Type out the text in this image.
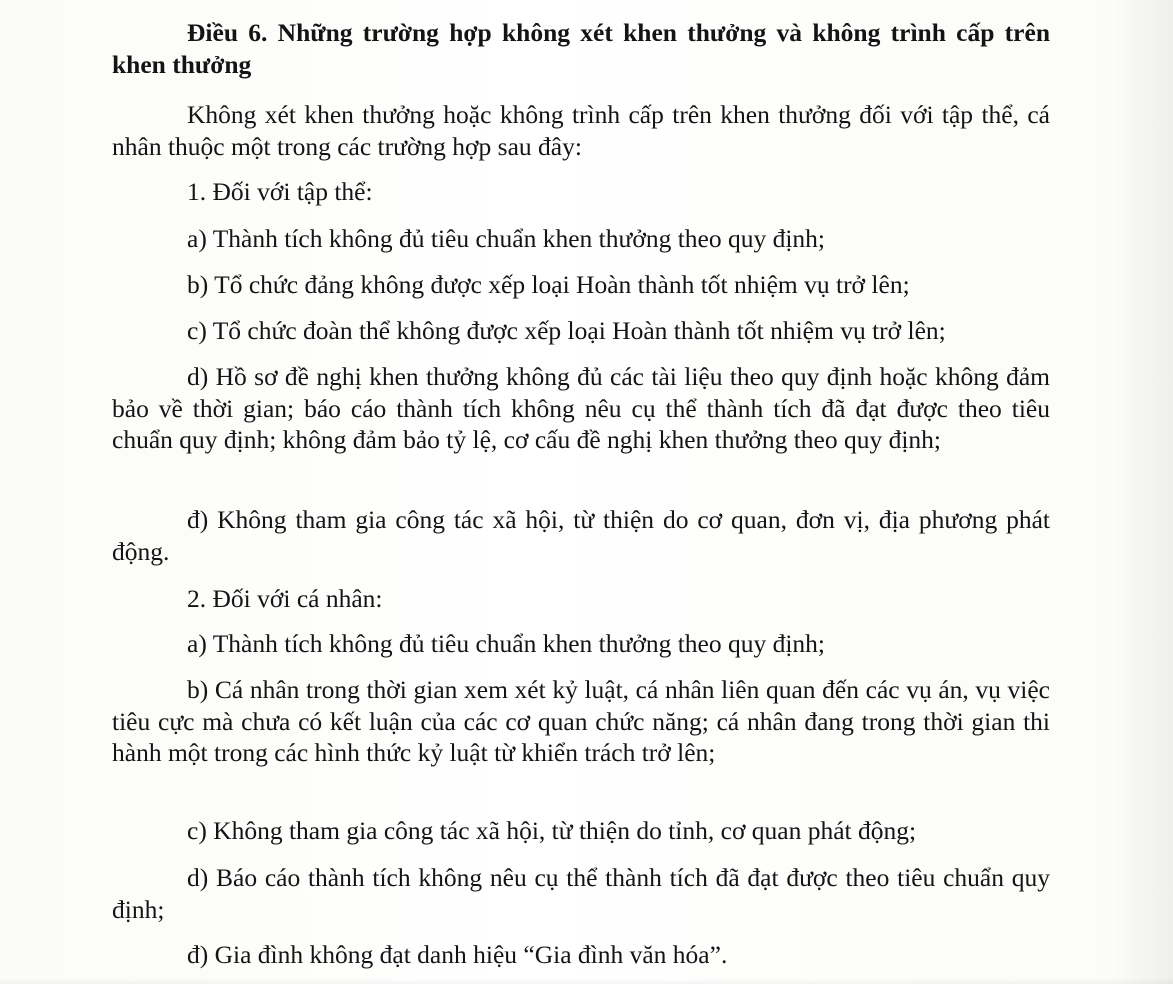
Điều 6. Những trường hợp không xét khen thưởng và không trình cấp trên khen thưởng

Không xét khen thưởng hoặc không trình cấp trên khen thưởng đối với tập thể, cá nhân thuộc một trong các trường hợp sau đây:

1. Đối với tập thể:

a) Thành tích không đủ tiêu chuẩn khen thưởng theo quy định;

b) Tổ chức đảng không được xếp loại Hoàn thành tốt nhiệm vụ trở lên;

c) Tổ chức đoàn thể không được xếp loại Hoàn thành tốt nhiệm vụ trở lên;

d) Hồ sơ đề nghị khen thưởng không đủ các tài liệu theo quy định hoặc không đảm bảo về thời gian; báo cáo thành tích không nêu cụ thể thành tích đã đạt được theo tiêu chuẩn quy định; không đảm bảo tỷ lệ, cơ cấu đề nghị khen thưởng theo quy định;

đ) Không tham gia công tác xã hội, từ thiện do cơ quan, đơn vị, địa phương phát động.

2. Đối với cá nhân:

a) Thành tích không đủ tiêu chuẩn khen thưởng theo quy định;

b) Cá nhân trong thời gian xem xét kỷ luật, cá nhân liên quan đến các vụ án, vụ việc tiêu cực mà chưa có kết luận của các cơ quan chức năng; cá nhân đang trong thời gian thi hành một trong các hình thức kỷ luật từ khiển trách trở lên;

c) Không tham gia công tác xã hội, từ thiện do tỉnh, cơ quan phát động;

d) Báo cáo thành tích không nêu cụ thể thành tích đã đạt được theo tiêu chuẩn quy định;

đ) Gia đình không đạt danh hiệu “Gia đình văn hóa”.
